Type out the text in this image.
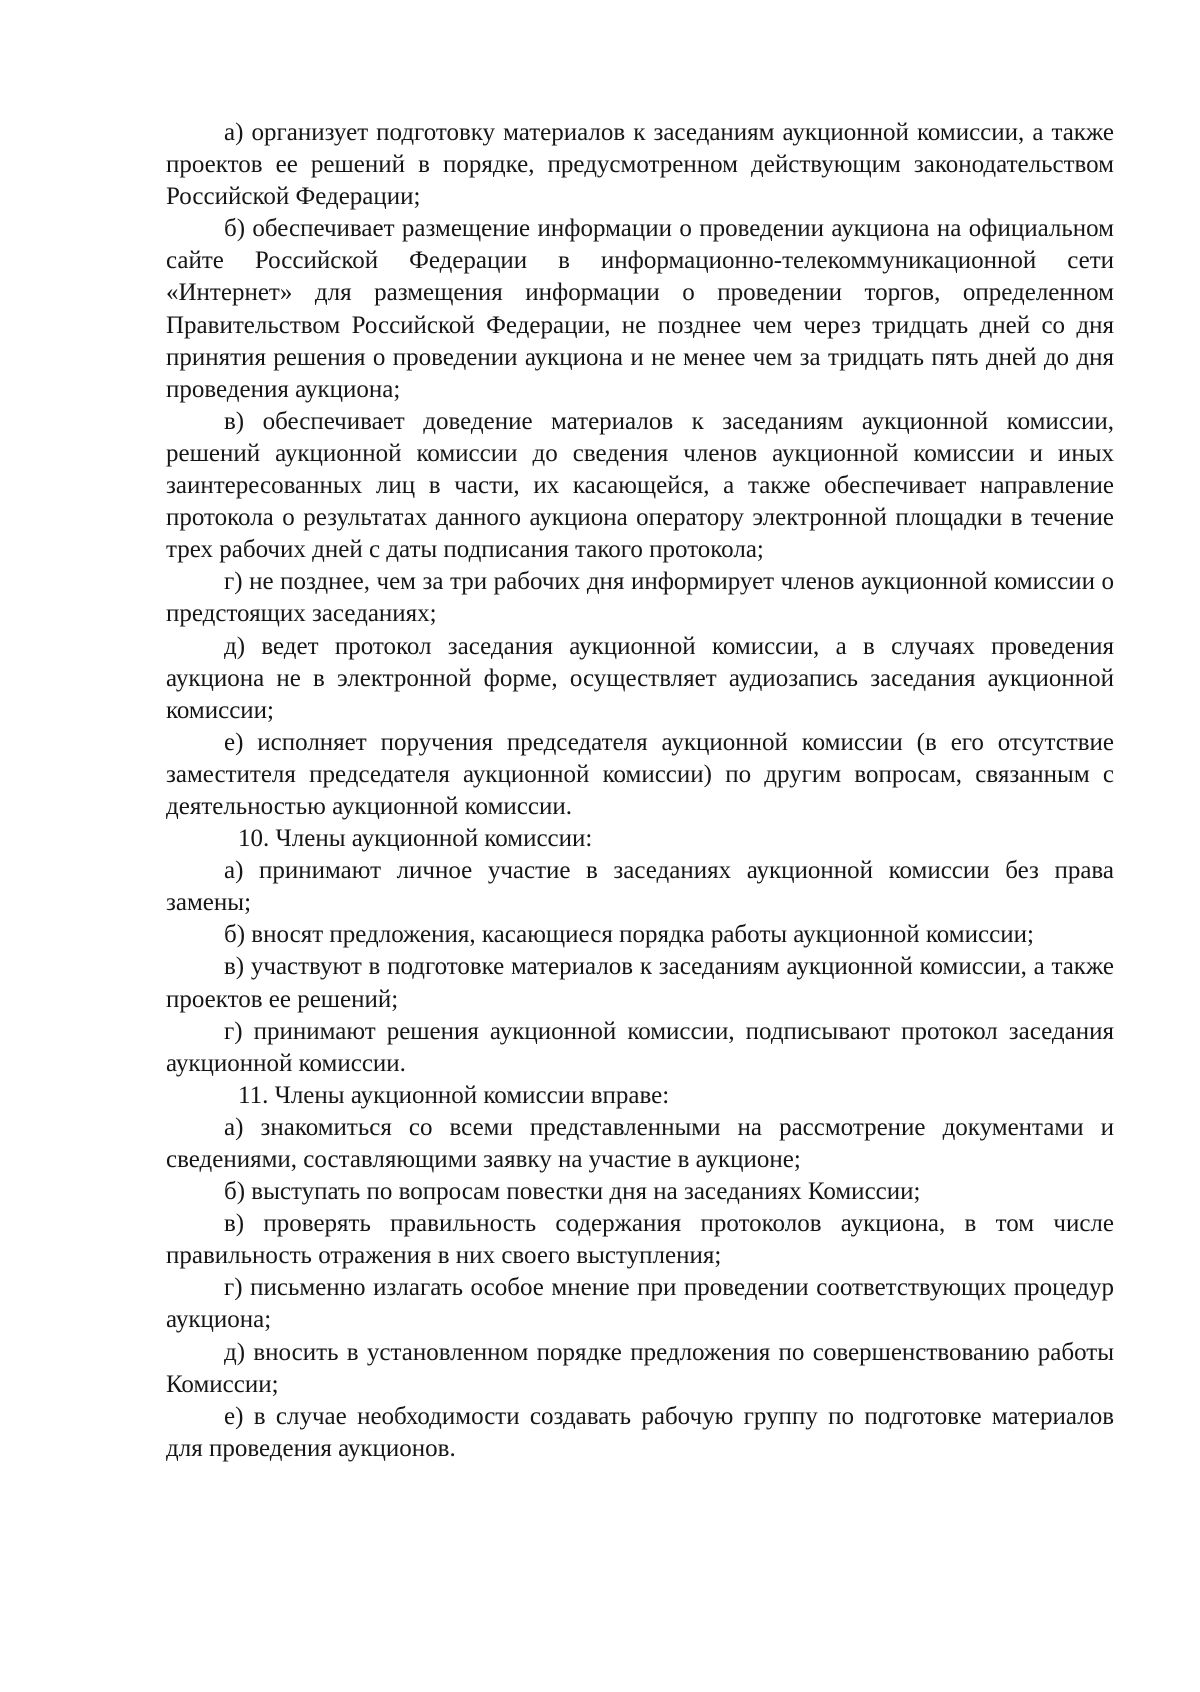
а) организует подготовку материалов к заседаниям аукционной комиссии, а также проектов ее решений в порядке, предусмотренном действующим законодательством Российской Федерации;

б) обеспечивает размещение информации о проведении аукциона на официальном сайте Российской Федерации в информационно-телекоммуникационной сети «Интернет» для размещения информации о проведении торгов, определенном Правительством Российской Федерации, не позднее чем через тридцать дней со дня принятия решения о проведении аукциона и не менее чем за тридцать пять дней до дня проведения аукциона;

в) обеспечивает доведение материалов к заседаниям аукционной комиссии, решений аукционной комиссии до сведения членов аукционной комиссии и иных заинтересованных лиц в части, их касающейся, а также обеспечивает направление протокола о результатах данного аукциона оператору электронной площадки в течение трех рабочих дней с даты подписания такого протокола;

г) не позднее, чем за три рабочих дня информирует членов аукционной комиссии о предстоящих заседаниях;

д) ведет протокол заседания аукционной комиссии, а в случаях проведения аукциона не в электронной форме, осуществляет аудиозапись заседания аукционной комиссии;

е) исполняет поручения председателя аукционной комиссии (в его отсутствие заместителя председателя аукционной комиссии) по другим вопросам, связанным с деятельностью аукционной комиссии.

10. Члены аукционной комиссии:

а) принимают личное участие в заседаниях аукционной комиссии без права замены;

б) вносят предложения, касающиеся порядка работы аукционной комиссии;

в) участвуют в подготовке материалов к заседаниям аукционной комиссии, а также проектов ее решений;

г) принимают решения аукционной комиссии, подписывают протокол заседания аукционной комиссии.

11. Члены аукционной комиссии вправе:

а) знакомиться со всеми представленными на рассмотрение документами и сведениями, составляющими заявку на участие в аукционе;

б) выступать по вопросам повестки дня на заседаниях Комиссии;

в) проверять правильность содержания протоколов аукциона, в том числе правильность отражения в них своего выступления;

г) письменно излагать особое мнение при проведении соответствующих процедур аукциона;

д) вносить в установленном порядке предложения по совершенствованию работы Комиссии;

е) в случае необходимости создавать рабочую группу по подготовке материалов для проведения аукционов.
